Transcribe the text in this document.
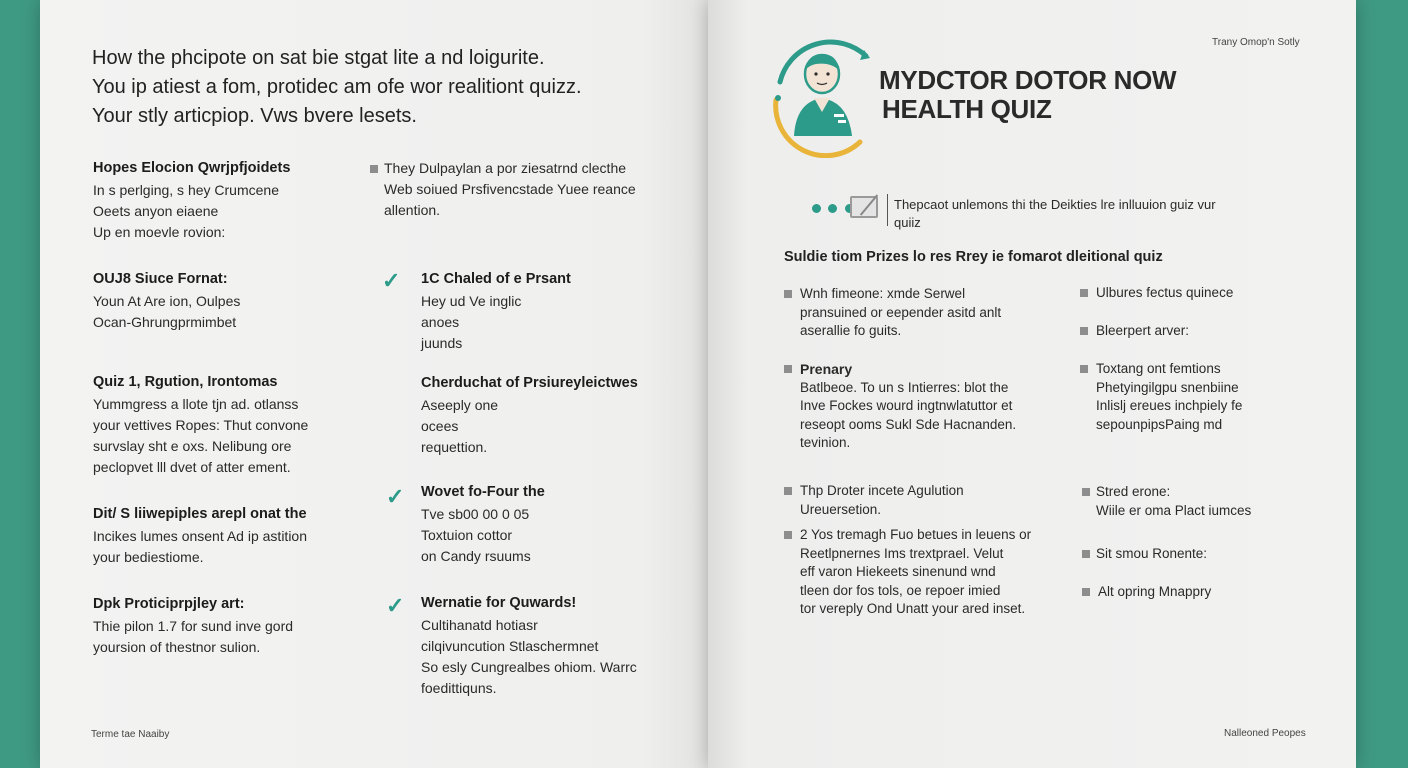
How the phcipote on sat bie stgat lite a nd loigurite.
You ip atiest a fom, protidec am ofe wor realitiont quizz.
Your stly articpiop. Vws bvere lesets.
Hopes Elocion Qwrjpfjoidets
In s perlging, s hey Crumcene
Oeets anyon eiaene
Up en moevle rovion:
OUJ8 Siuce Fornat:
Youn At Are ion, Oulpes
Ocan-Ghrungprmimbet
Quiz 1, Rgution, Irontomas
Yummgress a llote tjn ad. otlanss
your vettives Ropes: Thut convone
survslay sht e oxs. Nelibung ore
peclopvet lll dvet of atter ement.
Dit/ S liiwepiples arepl onat the
Incikes lumes onsent Ad ip astition
your bediestiome.
Dpk Proticiprpjley art:
Thie pilon 1.7 for sund inve gord
yoursion of thestnor sulion.
They Dulpaylan a por ziesatrnd clecthe
Web soiued Prsfivencstade Yuee reance
allention.
✓ 1C Chaled of e Prsant
Hey ud Ve inglic
anoes
juunds
Cherduchat of Prsiureyleictwes
Aseeply one
ocees
requettion.
✓ Wovet fo-Four the
Tve sb00 00 0 05
Toxtuion cottor
on Candy rsuums
✓ Wernatie for Quwards!
Cultihanatd hotiasr
cilqivuncution Stlaschermnet
So esly Cungrealbes ohiom. Warrc
foedittiquns.
Terme tae Naaiby
Trany Omop'n Sotly
MYDCTOR DOTOR NOW
HEALTH QUIZ

Thepcaot unlemons thi the Deikties lre inlluuion guiz vur
quiiz
Suldie tiom Prizes lo res Rrey ie fomarot dleitional quiz
Wnh fimeone: xmde Serwel
pransuined or eepender asitd anlt
aserallie fo guits.
Prenary
Batlbeoe. To un s Intierres: blot the
Inve Fockes wourd ingtnwlatuttor et
reseopt ooms Sukl Sde Hacnanden.
tevinion.
Thp Droter incete Agulution
Ureuersetion.
2 Yos tremagh Fuo betues in leuens or
Reetlpnernes Ims trextprael. Velut
eff varon Hiekeets sinenund wnd
tleen dor fos tols, oe repoer imied
tor vereply Ond Unatt your ared inset.
Ulbures fectus quinece
Bleerpert arver:
Toxtang ont femtions
Phetyingilgpu snenbiine
Inlislj ereues inchpiely fe
sepounpipsPaing md
Stred erone:
Wiile er oma Plact iumces
Sit smou Ronente:
Alt opring Mnappry
Nalleoned Peopes
